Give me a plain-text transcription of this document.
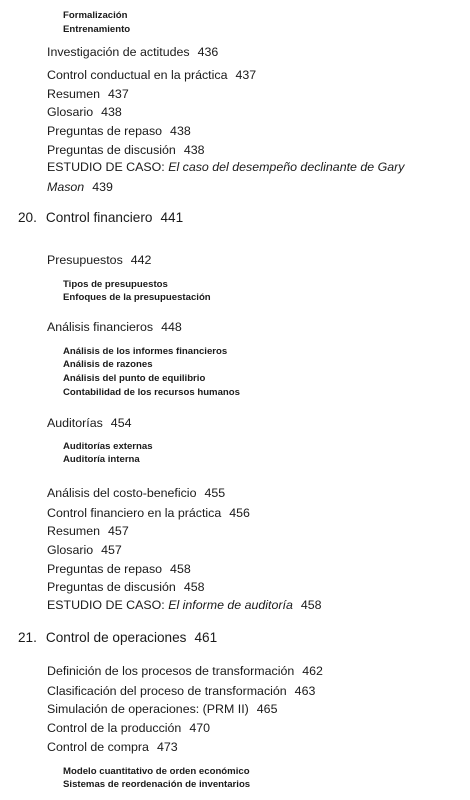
Formalización
Entrenamiento
Investigación de actitudes 436
Control conductual en la práctica 437
Resumen 437
Glosario 438
Preguntas de repaso 438
Preguntas de discusión 438
ESTUDIO DE CASO: El caso del desempeño declinante de Gary
Mason 439
20. Control financiero 441
Presupuestos 442
Tipos de presupuestos
Enfoques de la presupuestación
Análisis financieros 448
Análisis de los informes financieros
Análisis de razones
Análisis del punto de equilibrio
Contabilidad de los recursos humanos
Auditorías 454
Auditorías externas
Auditoría interna
Análisis del costo-beneficio 455
Control financiero en la práctica 456
Resumen 457
Glosario 457
Preguntas de repaso 458
Preguntas de discusión 458
ESTUDIO DE CASO: El informe de auditoría 458
21. Control de operaciones 461
Definición de los procesos de transformación 462
Clasificación del proceso de transformación 463
Simulación de operaciones: (PRM II) 465
Control de la producción 470
Control de compra 473
Modelo cuantitativo de orden económico
Sistemas de reordenación de inventarios
